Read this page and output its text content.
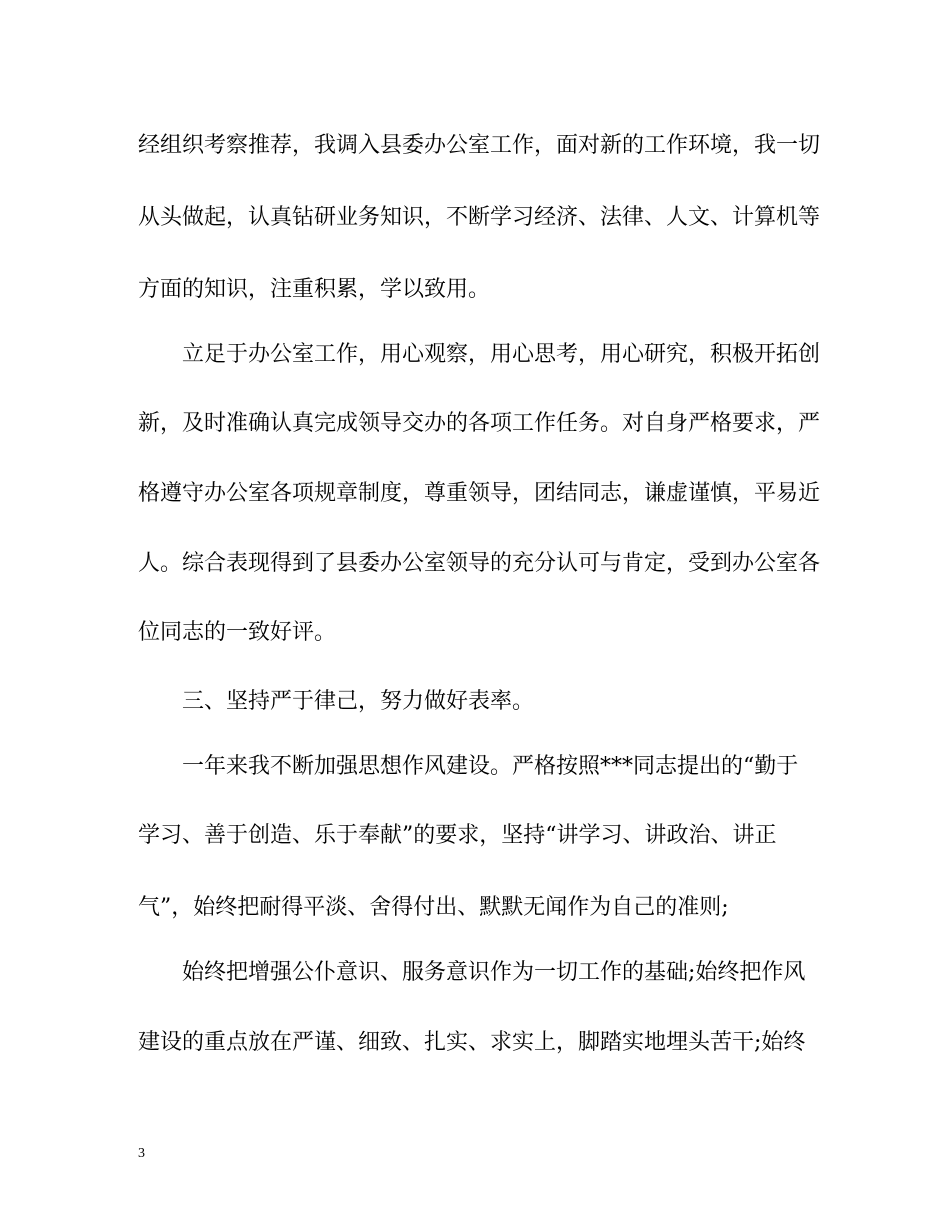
经组织考察推荐，我调入县委办公室工作，面对新的工作环境，我一切
从头做起，认真钻研业务知识，不断学习经济、法律、人文、计算机等
方面的知识，注重积累，学以致用。
　　立足于办公室工作，用心观察，用心思考，用心研究，积极开拓创
新，及时准确认真完成领导交办的各项工作任务。对自身严格要求，严
格遵守办公室各项规章制度，尊重领导，团结同志，谦虚谨慎，平易近
人。综合表现得到了县委办公室领导的充分认可与肯定，受到办公室各
位同志的一致好评。
　　三、坚持严于律己，努力做好表率。
　　一年来我不断加强思想作风建设。严格按照***同志提出的“勤于
学习、善于创造、乐于奉献”的要求，坚持“讲学习、讲政治、讲正
气”，始终把耐得平淡、舍得付出、默默无闻作为自己的准则;
　　始终把增强公仆意识、服务意识作为一切工作的基础;始终把作风
建设的重点放在严谨、细致、扎实、求实上，脚踏实地埋头苦干;始终
3
